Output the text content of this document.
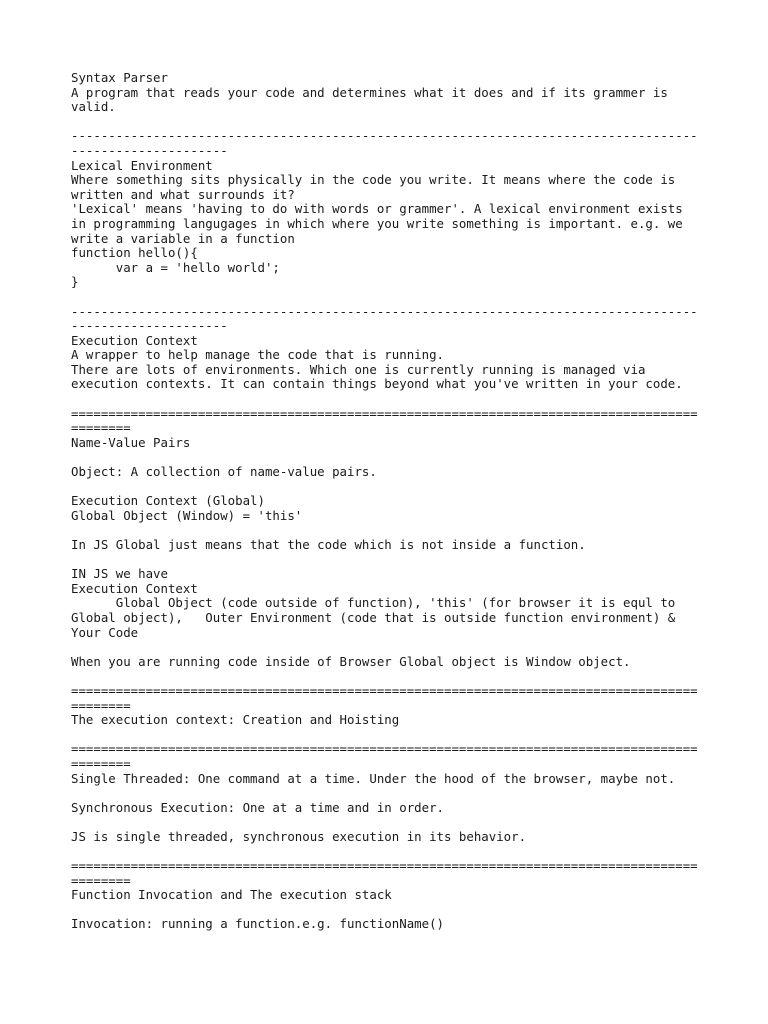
Syntax Parser
A program that reads your code and determines what it does and if its grammer is
valid.

------------------------------------------------------------------------------------
---------------------
Lexical Environment
Where something sits physically in the code you write. It means where the code is
written and what surrounds it?
'Lexical' means 'having to do with words or grammer'. A lexical environment exists
in programming langugages in which where you write something is important. e.g. we
write a variable in a function
function hello(){
var a = 'hello world';
}

------------------------------------------------------------------------------------
---------------------
Execution Context
A wrapper to help manage the code that is running.
There are lots of environments. Which one is currently running is managed via
execution contexts. It can contain things beyond what you've written in your code.

====================================================================================
========
Name-Value Pairs

Object: A collection of name-value pairs.

Execution Context (Global)
Global Object (Window) = 'this'

In JS Global just means that the code which is not inside a function.

IN JS we have
Execution Context
Global Object (code outside of function), 'this' (for browser it is equl to
Global object),   Outer Environment (code that is outside function environment) &
Your Code

When you are running code inside of Browser Global object is Window object.

====================================================================================
========
The execution context: Creation and Hoisting

====================================================================================
========
Single Threaded: One command at a time. Under the hood of the browser, maybe not.

Synchronous Execution: One at a time and in order.

JS is single threaded, synchronous execution in its behavior.

====================================================================================
========
Function Invocation and The execution stack

Invocation: running a function.e.g. functionName()
